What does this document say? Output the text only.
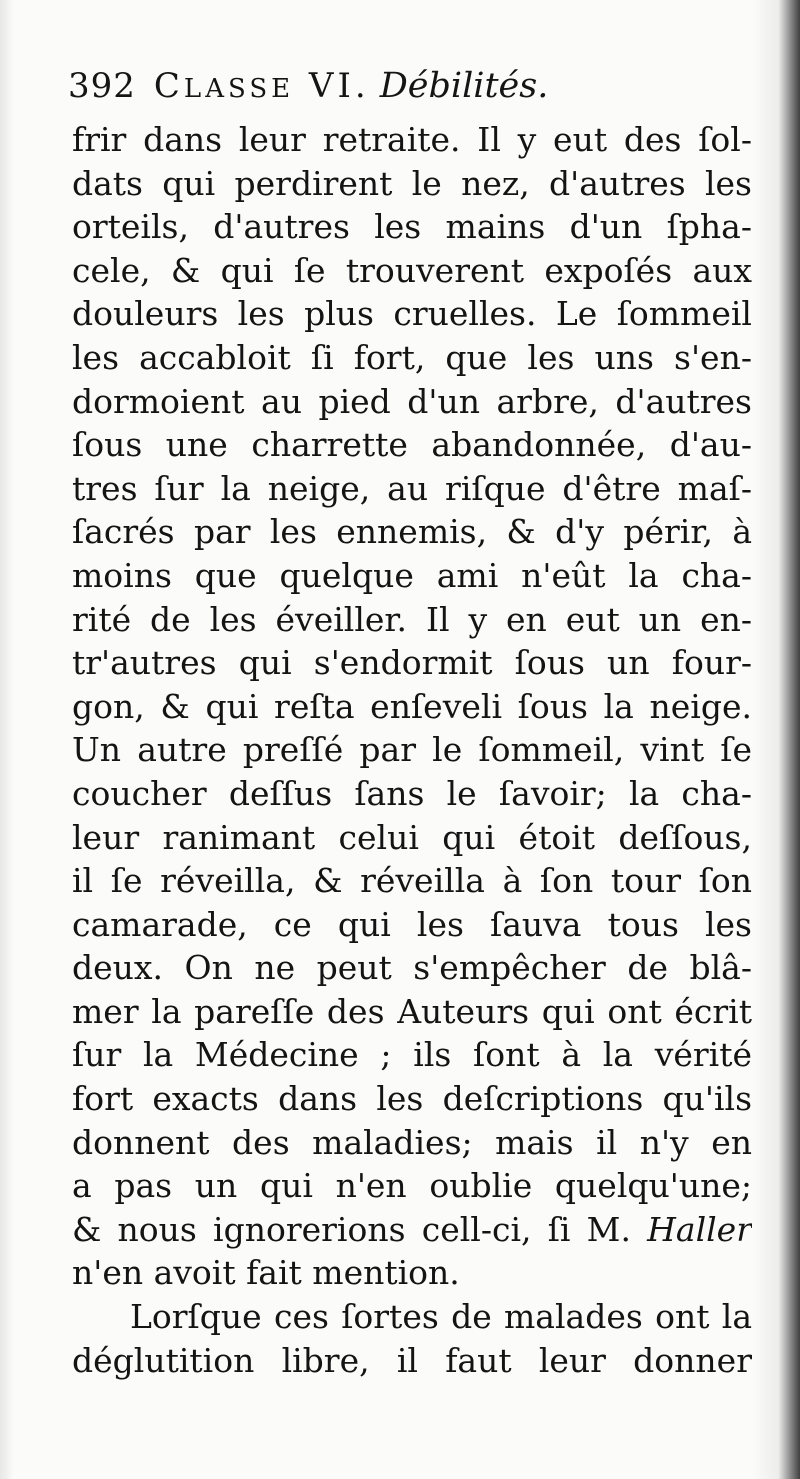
392 CLASSE VI. Débilités.
frir dans leur retraite. Il y eut des ſol-
dats qui perdirent le nez, d'autres les
orteils, d'autres les mains d'un ſpha-
cele, & qui ſe trouverent expoſés aux
douleurs les plus cruelles. Le ſommeil
les accabloit ſi fort, que les uns s'en-
dormoient au pied d'un arbre, d'autres
ſous une charrette abandonnée, d'au-
tres ſur la neige, au riſque d'être maſ-
ſacrés par les ennemis, & d'y périr, à
moins que quelque ami n'eût la cha-
rité de les éveiller. Il y en eut un en-
tr'autres qui s'endormit ſous un four-
gon, & qui reſta enſeveli ſous la neige.
Un autre preſſé par le ſommeil, vint ſe
coucher deſſus ſans le ſavoir; la cha-
leur ranimant celui qui étoit deſſous,
il ſe réveilla, & réveilla à ſon tour ſon
camarade, ce qui les ſauva tous les
deux. On ne peut s'empêcher de blâ-
mer la pareſſe des Auteurs qui ont écrit
ſur la Médecine ; ils ſont à la vérité
fort exacts dans les deſcriptions qu'ils
donnent des maladies; mais il n'y en
a pas un qui n'en oublie quelqu'une;
& nous ignorerions cell-ci, ſi M. Haller
n'en avoit fait mention.
Lorſque ces ſortes de malades ont la
déglutition libre, il faut leur donner
